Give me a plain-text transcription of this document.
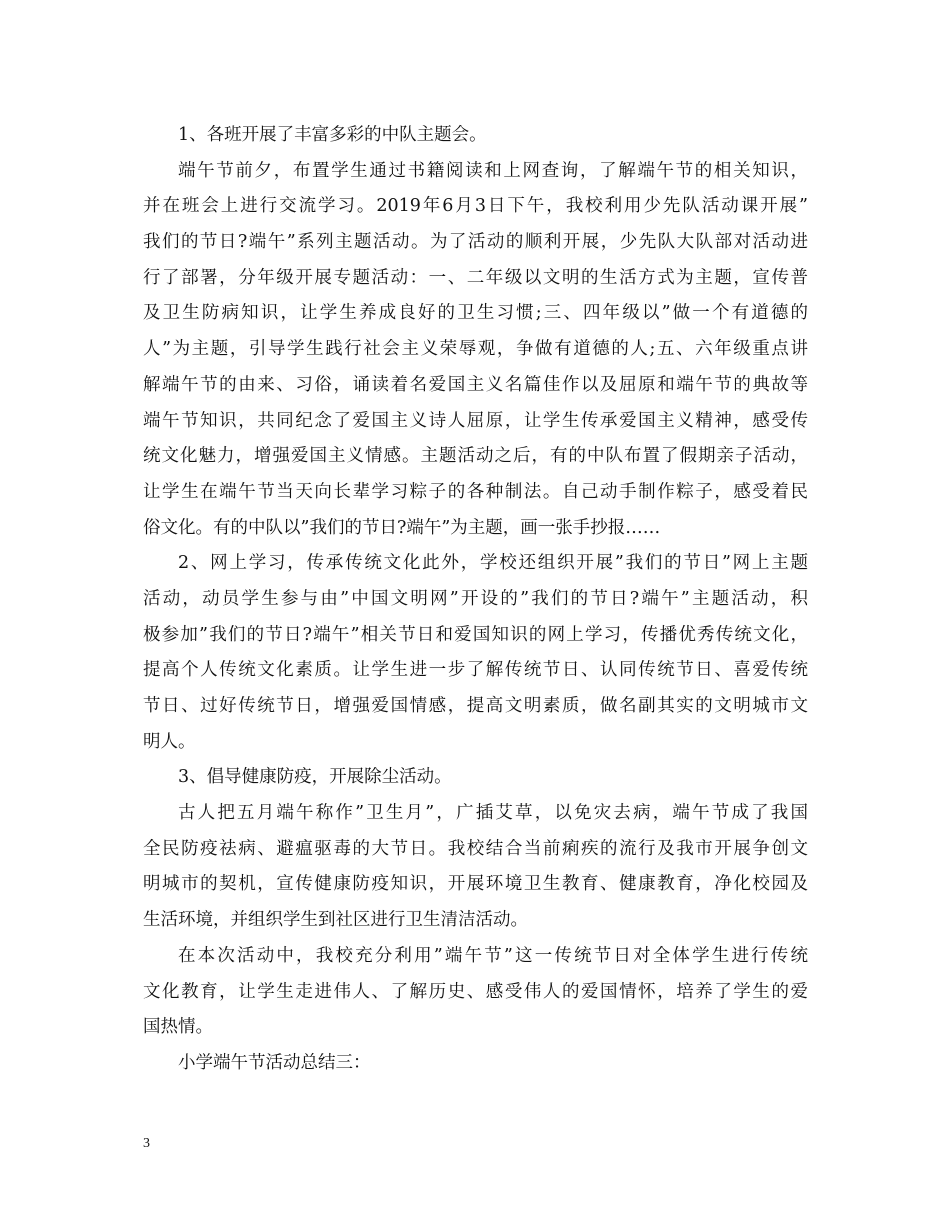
1、各班开展了丰富多彩的中队主题会。
端午节前夕，布置学生通过书籍阅读和上网查询，了解端午节的相关知识，
并在班会上进行交流学习。2019年6月3日下午，我校利用少先队活动课开展”
我们的节日?端午”系列主题活动。为了活动的顺利开展，少先队大队部对活动进
行了部署，分年级开展专题活动：一、二年级以文明的生活方式为主题，宣传普
及卫生防病知识，让学生养成良好的卫生习惯;三、四年级以”做一个有道德的
人”为主题，引导学生践行社会主义荣辱观，争做有道德的人;五、六年级重点讲
解端午节的由来、习俗，诵读着名爱国主义名篇佳作以及屈原和端午节的典故等
端午节知识，共同纪念了爱国主义诗人屈原，让学生传承爱国主义精神，感受传
统文化魅力，增强爱国主义情感。主题活动之后，有的中队布置了假期亲子活动，
让学生在端午节当天向长辈学习粽子的各种制法。自己动手制作粽子，感受着民
俗文化。有的中队以”我们的节日?端午”为主题，画一张手抄报……
2、网上学习，传承传统文化此外，学校还组织开展”我们的节日”网上主题
活动，动员学生参与由”中国文明网”开设的”我们的节日?端午”主题活动，积
极参加”我们的节日?端午”相关节日和爱国知识的网上学习，传播优秀传统文化，
提高个人传统文化素质。让学生进一步了解传统节日、认同传统节日、喜爱传统
节日、过好传统节日，增强爱国情感，提高文明素质，做名副其实的文明城市文
明人。
3、倡导健康防疫，开展除尘活动。
古人把五月端午称作”卫生月”，广插艾草，以免灾去病，端午节成了我国
全民防疫祛病、避瘟驱毒的大节日。我校结合当前痢疾的流行及我市开展争创文
明城市的契机，宣传健康防疫知识，开展环境卫生教育、健康教育，净化校园及
生活环境，并组织学生到社区进行卫生清洁活动。
在本次活动中，我校充分利用”端午节”这一传统节日对全体学生进行传统
文化教育，让学生走进伟人、了解历史、感受伟人的爱国情怀，培养了学生的爱
国热情。
小学端午节活动总结三：
3
